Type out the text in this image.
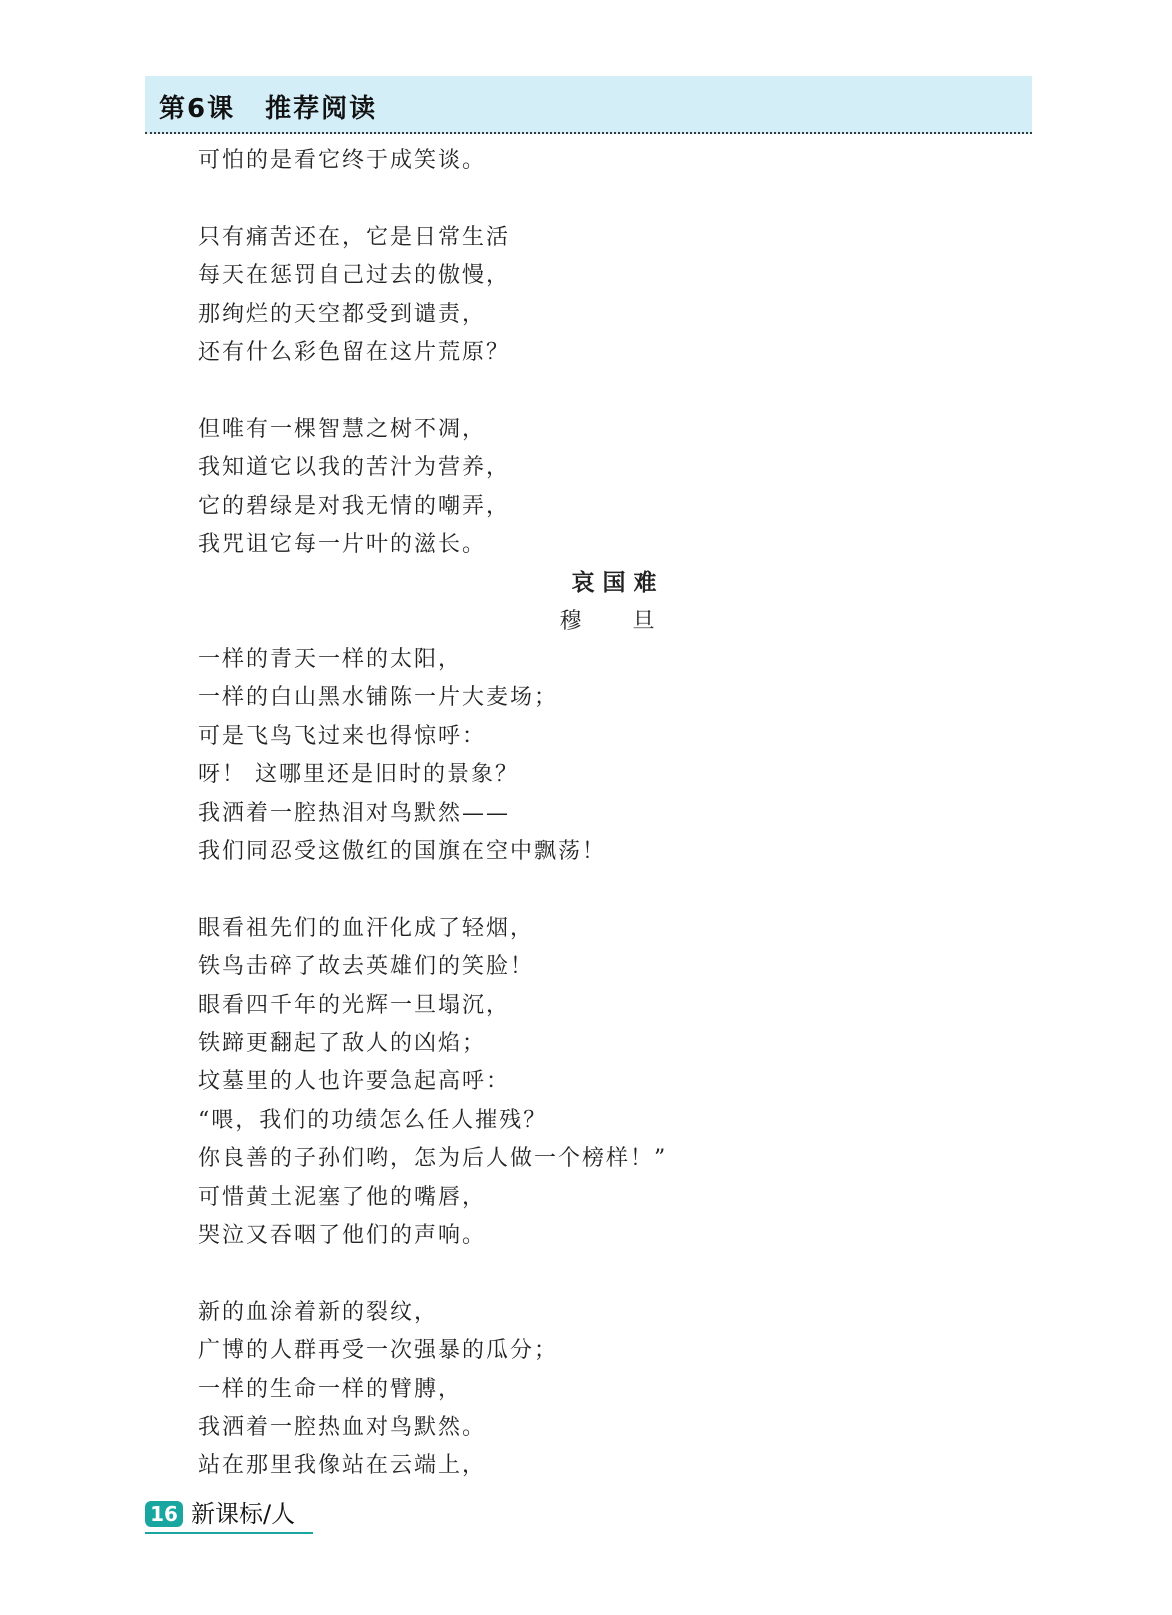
第6课 推荐阅读
可怕的是看它终于成笑谈。
只有痛苦还在，它是日常生活
每天在惩罚自己过去的傲慢，
那绚烂的天空都受到谴责，
还有什么彩色留在这片荒原？
但唯有一棵智慧之树不凋，
我知道它以我的苦汁为营养，
它的碧绿是对我无情的嘲弄，
我咒诅它每一片叶的滋长。
哀国难
穆 旦
一样的青天一样的太阳，
一样的白山黑水铺陈一片大麦场；
可是飞鸟飞过来也得惊呼：
呀！ 这哪里还是旧时的景象？
我洒着一腔热泪对鸟默然——
我们同忍受这傲红的国旗在空中飘荡！
眼看祖先们的血汗化成了轻烟，
铁鸟击碎了故去英雄们的笑脸！
眼看四千年的光辉一旦塌沉，
铁蹄更翻起了敌人的凶焰；
坟墓里的人也许要急起高呼：
“喂，我们的功绩怎么任人摧残？
你良善的子孙们哟，怎为后人做一个榜样！”
可惜黄土泥塞了他的嘴唇，
哭泣又吞咽了他们的声响。
新的血涂着新的裂纹，
广博的人群再受一次强暴的瓜分；
一样的生命一样的臂膊，
我洒着一腔热血对鸟默然。
站在那里我像站在云端上，
16 新课标/人
